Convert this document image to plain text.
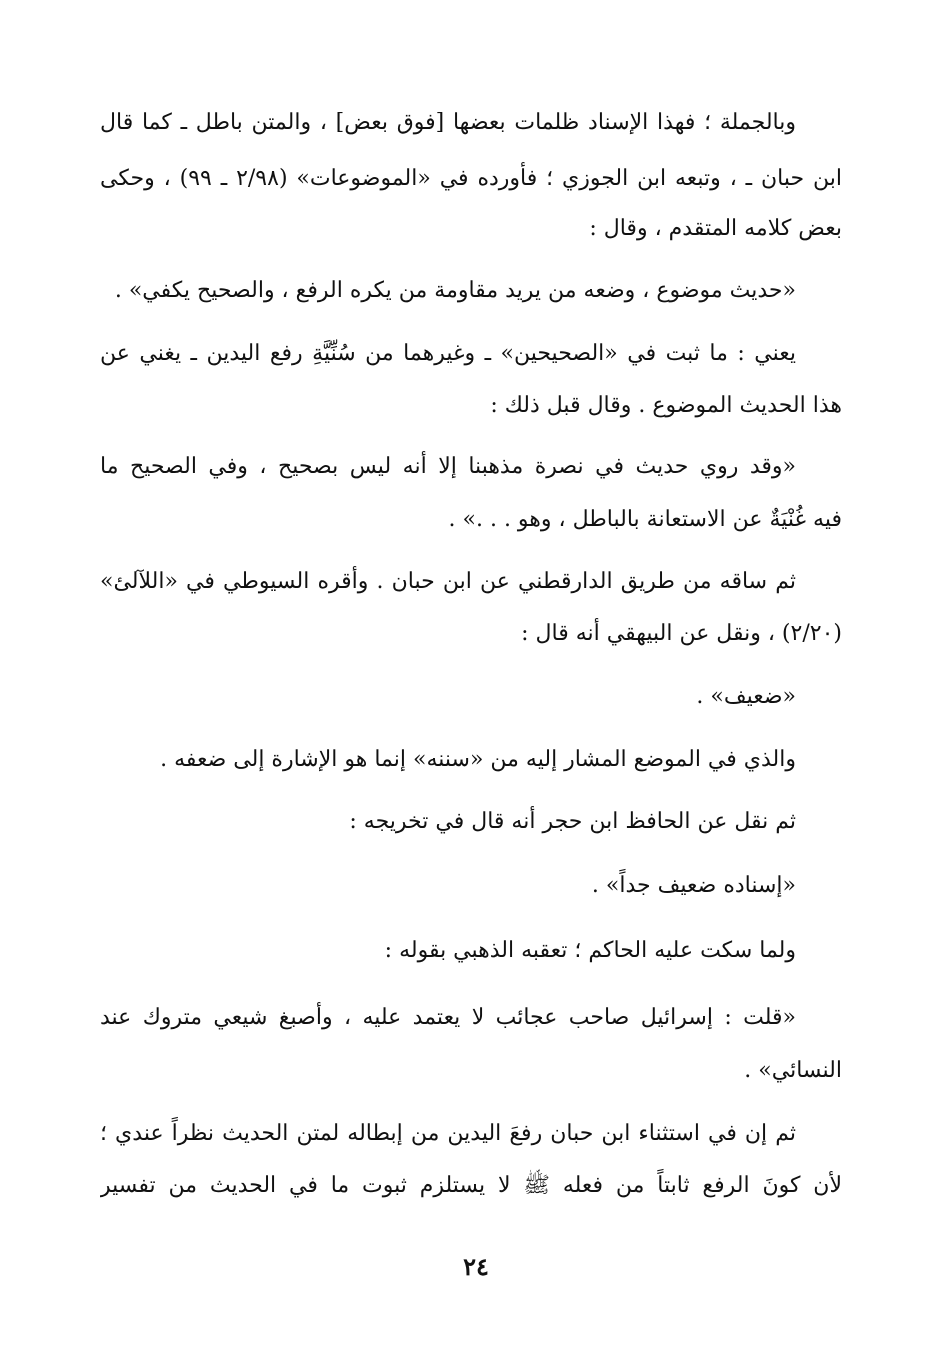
وبالجملة ؛ فهذا الإسناد ظلمات بعضها [فوق بعض] ، والمتن باطل ـ كما قال
ابن حبان ـ ، وتبعه ابن الجوزي ؛ فأورده في «الموضوعات» (٢/٩٨ ـ ٩٩) ، وحكى
بعض كلامه المتقدم ، وقال :
«حديث موضوع ، وضعه من يريد مقاومة من يكره الرفع ، والصحيح يكفي» .
يعني : ما ثبت في «الصحيحين» ـ وغيرهما من سُنِّيَّةِ رفع اليدين ـ يغني عن
هذا الحديث الموضوع . وقال قبل ذلك :
«وقد روي حديث في نصرة مذهبنا إلا أنه ليس بصحيح ، وفي الصحيح ما
فيه غُنْيَةٌ عن الاستعانة بالباطل ، وهو . . .» .
ثم ساقه من طريق الدارقطني عن ابن حبان . وأقره السيوطي في «اللآلئ»
(٢/٢٠) ، ونقل عن البيهقي أنه قال :
«ضعيف» .
والذي في الموضع المشار إليه من «سننه» إنما هو الإشارة إلى ضعفه .
ثم نقل عن الحافظ ابن حجر أنه قال في تخريجه :
«إسناده ضعيف جداً» .
ولما سكت عليه الحاكم ؛ تعقبه الذهبي بقوله :
«قلت : إسرائيل صاحب عجائب لا يعتمد عليه ، وأصبغ شيعي متروك عند
النسائي» .
ثم إن في استثناء ابن حبان رفعَ اليدين من إبطاله لمتن الحديث نظراً عندي ؛
لأن كونَ الرفع ثابتاً من فعله ﷺ لا يستلزم ثبوت ما في الحديث من تفسير
٢٤
